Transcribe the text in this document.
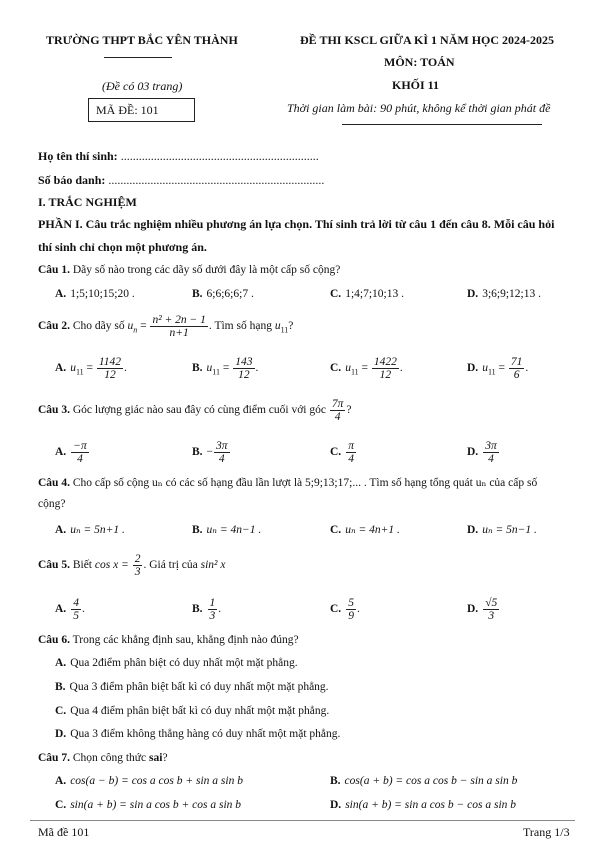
TRƯỜNG THPT BẮC YÊN THÀNH	ĐỀ THI KSCL GIỮA KÌ 1 NĂM HỌC 2024-2025
MÔN: TOÁN
(Đề có 03 trang)	KHỐI 11
MÃ ĐỀ: 101	Thời gian làm bài: 90 phút, không kể thời gian phát đề
Họ tên thí sinh: ..................................................................
Số báo danh: ........................................................................
I. TRẮC NGHIỆM
PHẦN I. Câu trắc nghiệm nhiều phương án lựa chọn. Thí sinh trả lời từ câu 1 đến câu 8. Mỗi câu hỏi
thí sinh chỉ chọn một phương án.
Câu 1. Dãy số nào trong các dãy số dưới đây là một cấp số cộng?
A. 1;5;10;15;20 .	B. 6;6;6;6;7 .	C. 1;4;7;10;13 .	D. 3;6;9;12;13 .
Câu 2. Cho dãy số $u_n = \frac{\text{n² + 2n − 1}}{n+1}$ . Tìm số hạng $u_{11}$?
A. $u_{11} = \frac{1142}{12}$ .	B. $u_{11} = \frac{143}{12}$ .	C. $u_{11} = \frac{1422}{12}$ .	D. $u_{11} = \frac{71}{6}$ .
Câu 3. Góc lượng giác nào sau đây có cùng điểm cuối với góc $\frac{7\pi}{4}$ ?
A. $\frac{-\pi}{4}$	B. − $\frac{3\pi}{4}$	C. $\frac{\pi}{4}$	D. $\frac{3\pi}{4}$
Câu 4. Cho cấp số cộng uₙ có các số hạng đầu lần lượt là 5;9;13;17;... . Tìm số hạng tổng quát uₙ của cấp số
cộng?
A. uₙ = 5n+1 .	B. uₙ = 4n−1 .	C. uₙ = 4n+1 .	D. uₙ = 5n−1 .
Câu 5. Biết $\cos x = \frac{2}{3}$ . Giá trị của sin² x
A. $\frac{4}{5}$ .	B. $\frac{1}{3}$ .	C. $\frac{5}{9}$ .	D. $\frac{√5}{3}$
Câu 6. Trong các khẳng định sau, khẳng định nào đúng?
A. Qua 2điểm phân biệt có duy nhất một mặt phẳng.
B. Qua 3 điểm phân biệt bất kì có duy nhất một mặt phẳng.
C. Qua 4 điểm phân biệt bất kì có duy nhất một mặt phẳng.
D. Qua 3 điểm không thẳng hàng có duy nhất một mặt phẳng.
Câu 7. Chọn công thức sai?
A. cos(a − b) = cos a cos b + sin a sin b	B. cos(a + b) = cos a cos b − sin a sin b
C. sin(a + b) = sin a cos b + cos a sin b	D. sin(a + b) = sin a cos b − cos a sin b
Mã đề 101	Trang 1/3
